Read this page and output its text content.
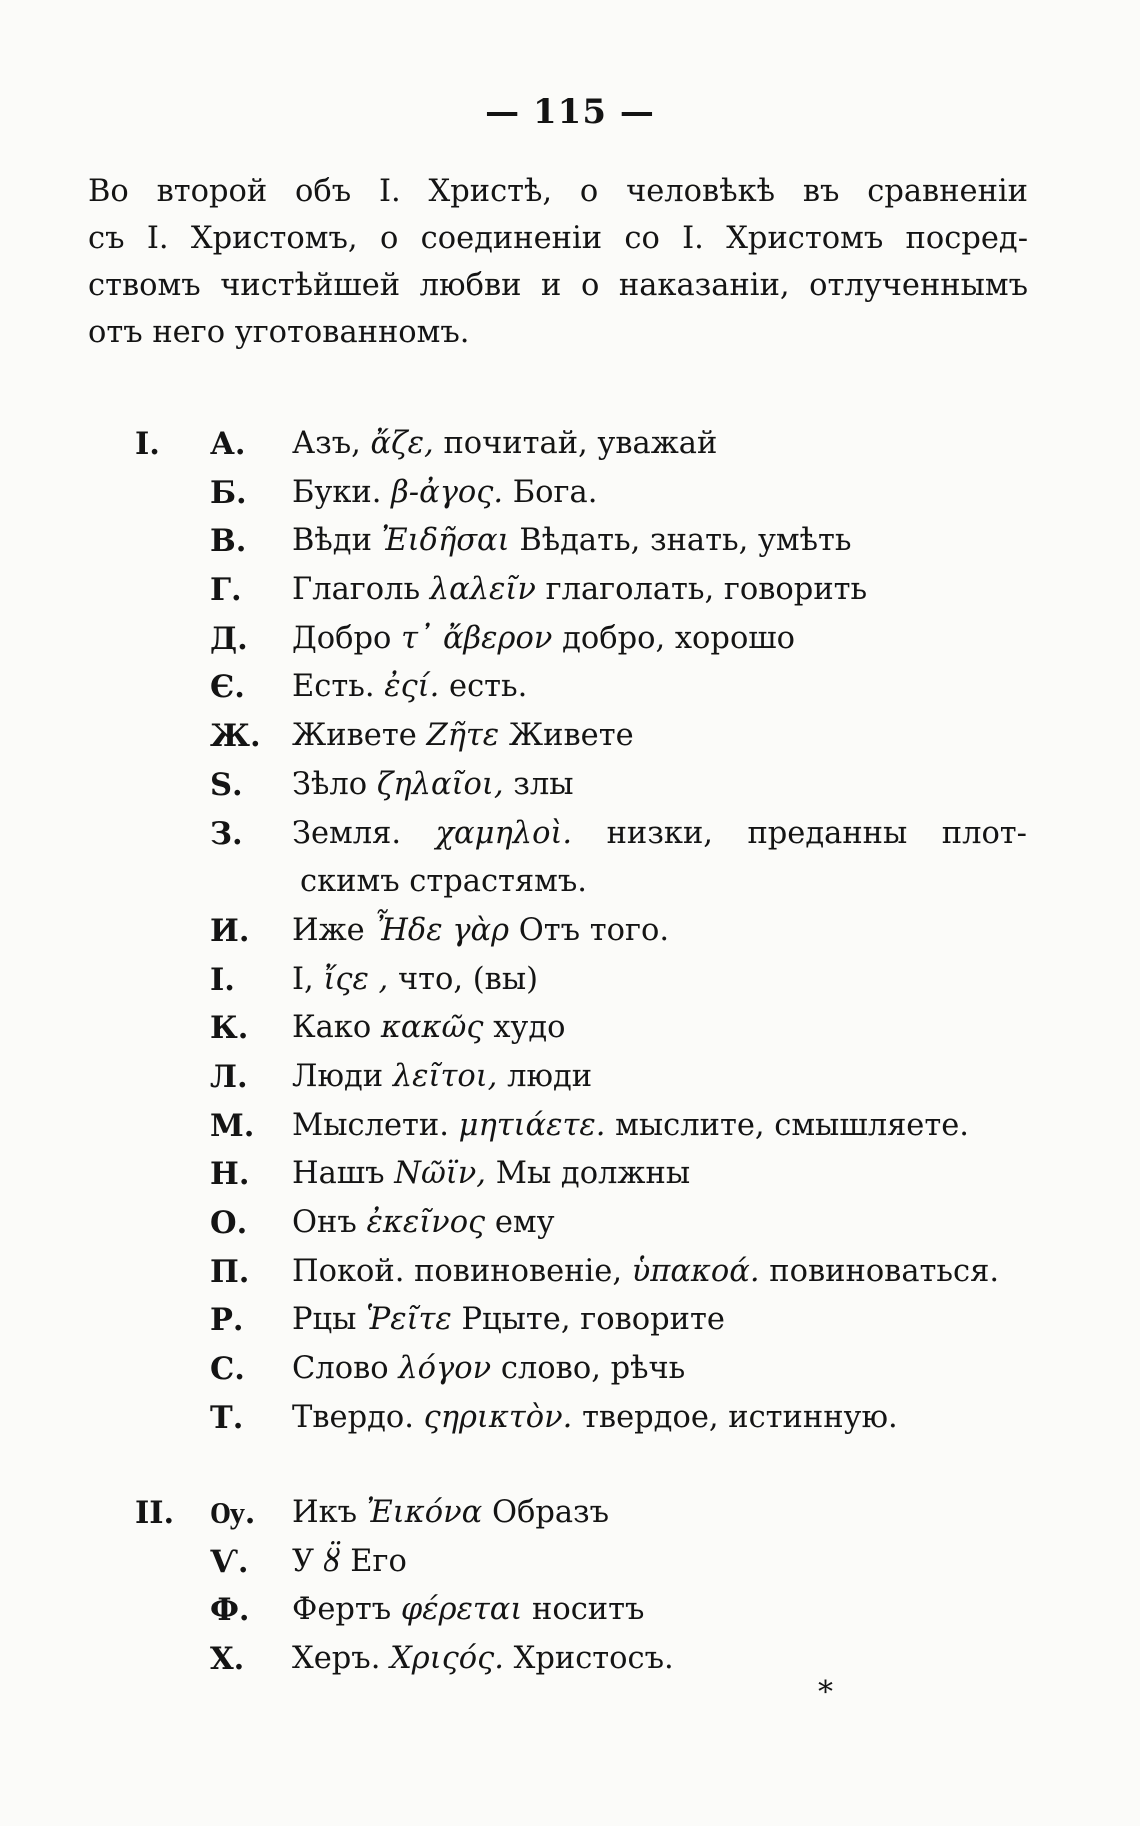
— 115 —
Во второй объ I. Христѣ, о человѣкѣ въ сравненіи
съ I. Христомъ, о соединеніи со I. Христомъ посред-
ствомъ чистѣйшей любви и о наказаніи, отлученнымъ
отъ него уготованномъ.
I. А.	Азъ, ἄζε, почитай, уважай
Б.	Буки. β-ἀγος. Бога.
В.	Вѣди Ἐιδῆσαι Вѣдать, знать, умѣть
Г.	Глаголь λαλεῖν глаголать, говорить
Д.	Добро τ᾽ ἄβερον добро, хорошо
Є.	Есть. ἐςί. есть.
Ж. Живете Ζῆτε Живете
Ѕ.	Зѣло ζηλαῖοι, злы
З.	Земля. χαμηλοὶ. низки, преданны плот-
скимъ страстямъ.
И.	Иже Ἦδε γὰρ Отъ того.
I.	I, ἴςε , что, (вы)
К.	Како κακῶς худо
Л.	Люди λεῖτοι, люди
М. Мыслети. μητιάετε. мыслите, смышляете.
Н.	Нашъ Νῶϊν, Мы должны
О.	Онъ ἐκεῖνος ему
П.	Покой. повиновеніе, ὑπακοά. повиноваться.
Р.	Рцы Ῥεῖτε Рцыте, говорите
С.	Слово λόγον слово, рѣчь
Т.	Твердо. ςηρικτὸν. твердое, истинную.
II. Ѹ. Икъ Ἐικόνα Образъ
Ѵ.	У ȣ̈ Его
Ф.	Фертъ φέρεται носитъ
Х.	Херъ. Χριςός. Христосъ.
*
